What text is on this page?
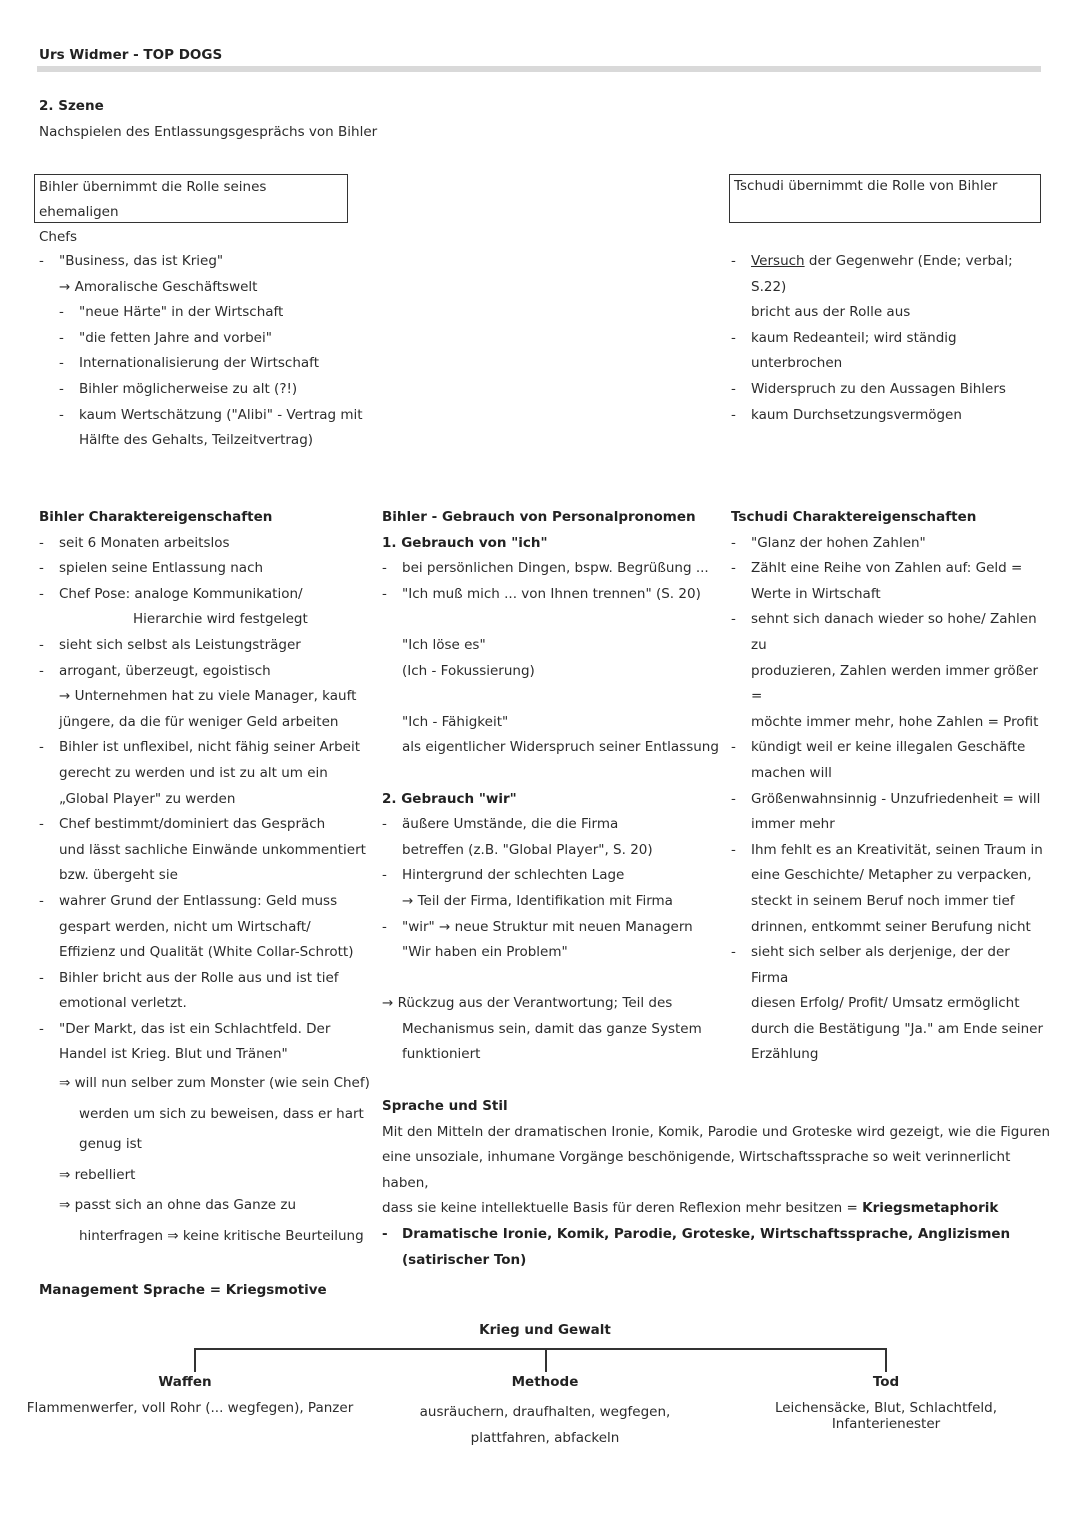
Urs Widmer - TOP DOGS
2. Szene
Nachspielen des Entlassungsgesprächs von Bihler
Bihler übernimmt die Rolle seines ehemaligen
Chefs
Tschudi übernimmt die Rolle von Bihler
- "Business, das ist Krieg"
→ Amoralische Geschäftswelt
- "neue Härte" in der Wirtschaft
- "die fetten Jahre and vorbei"
- Internationalisierung der Wirtschaft
- Bihler möglicherweise zu alt (?!)
- kaum Wertschätzung ("Alibi" - Vertrag mit
Hälfte des Gehalts, Teilzeitvertrag)
- Versuch der Gegenwehr (Ende; verbal; S.22)
bricht aus der Rolle aus
- kaum Redeanteil; wird ständig unterbrochen
- Widerspruch zu den Aussagen Bihlers
- kaum Durchsetzungsvermögen
Bihler Charaktereigenschaften
- seit 6 Monaten arbeitslos
- spielen seine Entlassung nach
- Chef Pose: analoge Kommunikation/
Hierarchie wird festgelegt
- sieht sich selbst als Leistungsträger
- arrogant, überzeugt, egoistisch
→ Unternehmen hat zu viele Manager, kauft
jüngere, da die für weniger Geld arbeiten
- Bihler ist unflexibel, nicht fähig seiner Arbeit
gerecht zu werden und ist zu alt um ein
„Global Player" zu werden
- Chef bestimmt/dominiert das Gespräch
und lässt sachliche Einwände unkommentiert
bzw. übergeht sie
- wahrer Grund der Entlassung: Geld muss
gespart werden, nicht um Wirtschaft/
Effizienz und Qualität (White Collar-Schrott)
- Bihler bricht aus der Rolle aus und ist tief
emotional verletzt.
- "Der Markt, das ist ein Schlachtfeld. Der
Handel ist Krieg. Blut und Tränen"
⇒ will nun selber zum Monster (wie sein Chef)
werden um sich zu beweisen, dass er hart
genug ist
⇒ rebelliert
⇒ passt sich an ohne das Ganze zu
hinterfragen ⇒ keine kritische Beurteilung
Bihler - Gebrauch von Personalpronomen
1. Gebrauch von "ich"
- bei persönlichen Dingen, bspw. Begrüßung ...
- "Ich muß mich ... von Ihnen trennen" (S. 20)

"Ich löse es"
(Ich - Fokussierung)

"Ich - Fähigkeit"
als eigentlicher Widerspruch seiner Entlassung

2. Gebrauch "wir"
- äußere Umstände, die die Firma
betreffen (z.B. "Global Player", S. 20)
- Hintergrund der schlechten Lage
→ Teil der Firma, Identifikation mit Firma
- "wir" → neue Struktur mit neuen Managern
"Wir haben ein Problem"

→ Rückzug aus der Verantwortung; Teil des
Mechanismus sein, damit das ganze System
funktioniert
Tschudi Charaktereigenschaften
- "Glanz der hohen Zahlen"
- Zählt eine Reihe von Zahlen auf: Geld =
Werte in Wirtschaft
- sehnt sich danach wieder so hohe/ Zahlen zu
produzieren, Zahlen werden immer größer =
möchte immer mehr, hohe Zahlen = Profit
- kündigt weil er keine illegalen Geschäfte
machen will
- Größenwahnsinnig - Unzufriedenheit = will
immer mehr
- Ihm fehlt es an Kreativität, seinen Traum in
eine Geschichte/ Metapher zu verpacken,
steckt in seinem Beruf noch immer tief
drinnen, entkommt seiner Berufung nicht
- sieht sich selber als derjenige, der der Firma
diesen Erfolg/ Profit/ Umsatz ermöglicht
durch die Bestätigung "Ja." am Ende seiner
Erzählung
Sprache und Stil
Mit den Mitteln der dramatischen Ironie, Komik, Parodie und Groteske wird gezeigt, wie die Figuren
eine unsoziale, inhumane Vorgänge beschönigende, Wirtschaftssprache so weit verinnerlicht haben,
dass sie keine intellektuelle Basis für deren Reflexion mehr besitzen = Kriegsmetaphorik
- Dramatische Ironie, Komik, Parodie, Groteske, Wirtschaftssprache, Anglizismen (satirischer Ton)
Management Sprache = Kriegsmotive
Krieg und Gewalt
Waffen
Flammenwerfer, voll Rohr (... wegfegen), Panzer
Methode
ausräuchern, draufhalten, wegfegen,
plattfahren, abfackeln
Tod
Leichensäcke, Blut, Schlachtfeld, Infanterienester
